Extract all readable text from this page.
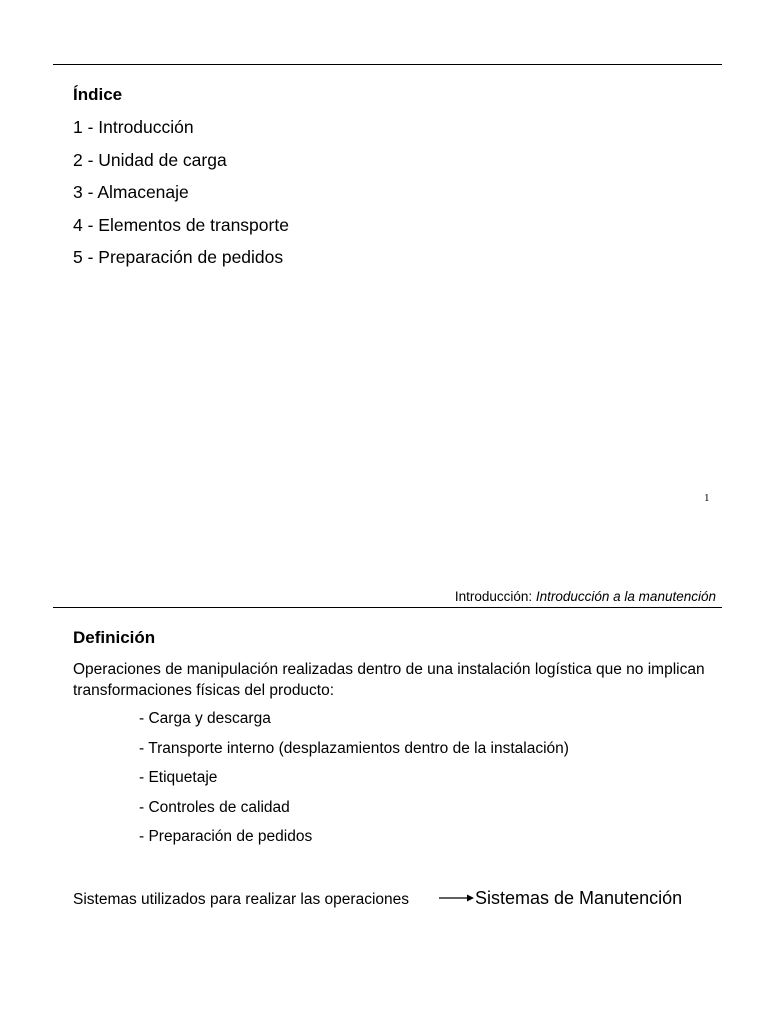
Índice
1 - Introducción
2 - Unidad de carga
3 - Almacenaje
4 - Elementos de transporte
5 - Preparación de pedidos
1
Introducción: Introducción a la manutención
Definición

Operaciones de manipulación realizadas dentro de una instalación logística que no implican transformaciones físicas del producto:

- Carga y descarga
- Transporte interno (desplazamientos dentro de la instalación)
- Etiquetaje
- Controles de calidad
- Preparación de pedidos
Sistemas utilizados para realizar las operaciones	Sistemas de Manutención
